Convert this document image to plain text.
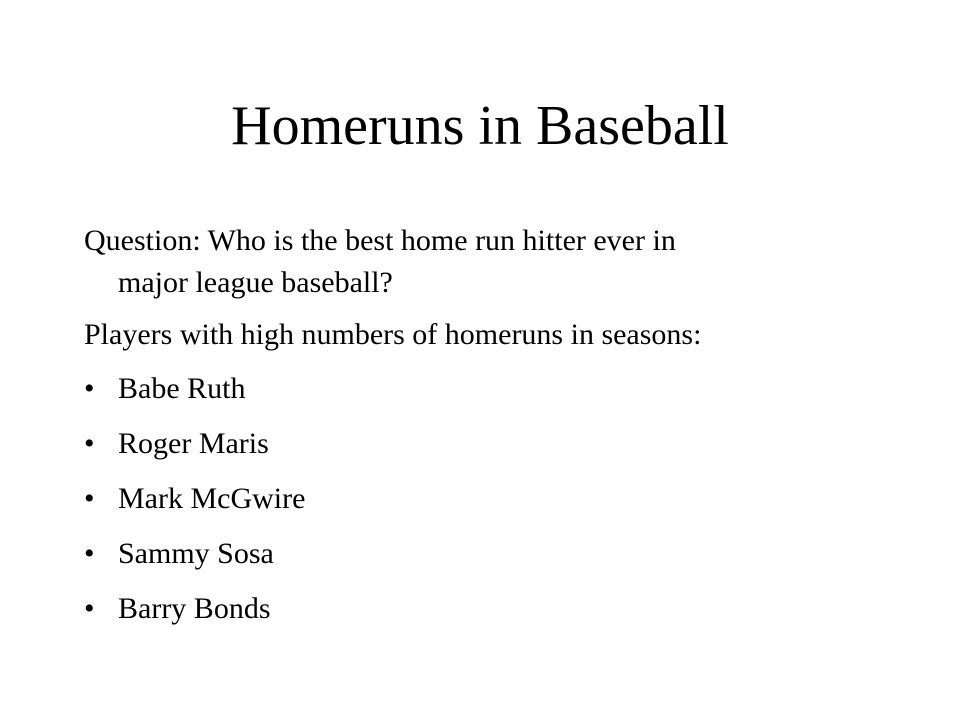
Homeruns in Baseball
Question: Who is the best home run hitter ever in
major league baseball?
Players with high numbers of homeruns in seasons:
• Babe Ruth
• Roger Maris
• Mark McGwire
• Sammy Sosa
• Barry Bonds
